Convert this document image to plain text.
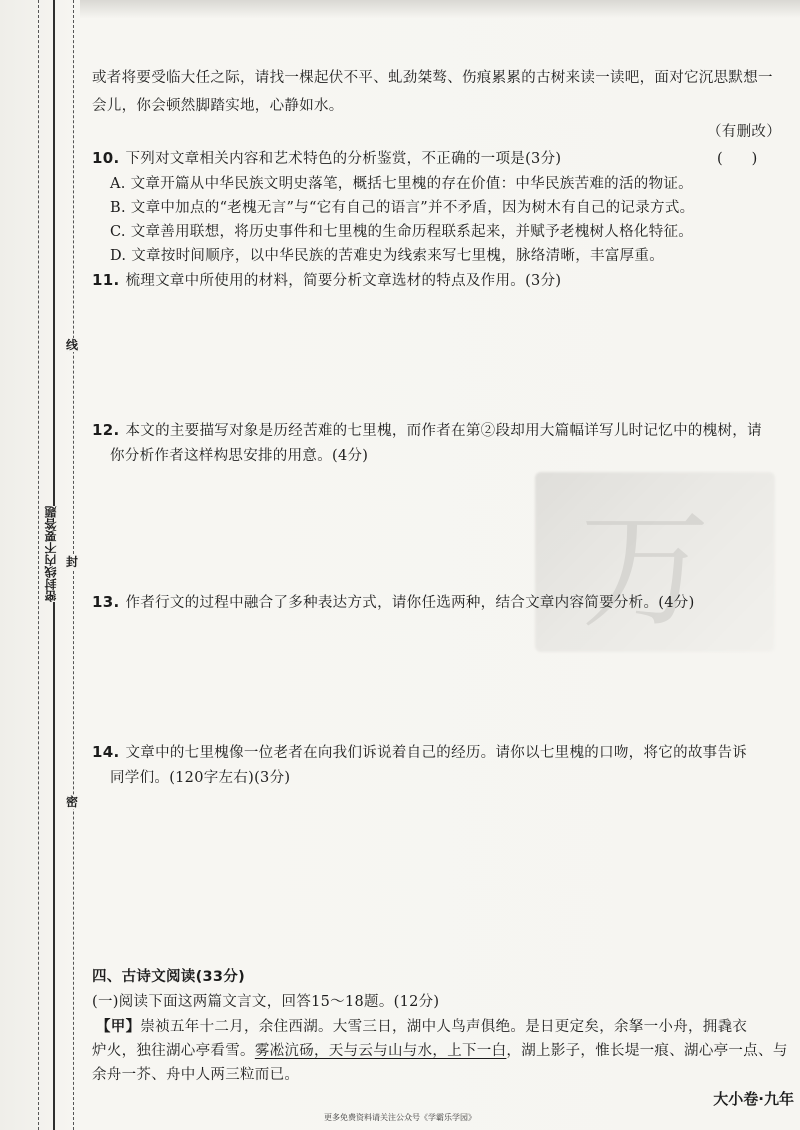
密封线内不要答题
线
封
密
万
或者将要受临大任之际，请找一棵起伏不平、虬劲桀骜、伤痕累累的古树来读一读吧，面对它沉思默想一
会儿，你会顿然脚踏实地，心静如水。
（有删改）
10. 下列对文章相关内容和艺术特色的分析鉴赏，不正确的一项是(3分)	(　　)
A. 文章开篇从中华民族文明史落笔，概括七里槐的存在价值：中华民族苦难的活的物证。
B. 文章中加点的“老槐无言”与“它有自己的语言”并不矛盾，因为树木有自己的记录方式。
C. 文章善用联想，将历史事件和七里槐的生命历程联系起来，并赋予老槐树人格化特征。
D. 文章按时间顺序，以中华民族的苦难史为线索来写七里槐，脉络清晰，丰富厚重。
11. 梳理文章中所使用的材料，简要分析文章选材的特点及作用。(3分)
12. 本文的主要描写对象是历经苦难的七里槐，而作者在第②段却用大篇幅详写儿时记忆中的槐树，请
你分析作者这样构思安排的用意。(4分)
13. 作者行文的过程中融合了多种表达方式，请你任选两种，结合文章内容简要分析。(4分)
14. 文章中的七里槐像一位老者在向我们诉说着自己的经历。请你以七里槐的口吻，将它的故事告诉
同学们。(120字左右)(3分)
四、古诗文阅读(33分)
(一)阅读下面这两篇文言文，回答15～18题。(12分)
【甲】崇祯五年十二月，余住西湖。大雪三日，湖中人鸟声俱绝。是日更定矣，余拏一小舟，拥毳衣
炉火，独往湖心亭看雪。雾凇沆砀，天与云与山与水，上下一白，湖上影子，惟长堤一痕、湖心亭一点、与
余舟一芥、舟中人两三粒而已。
大小卷·九年
更多免费资料请关注公众号《学霸乐学园》
